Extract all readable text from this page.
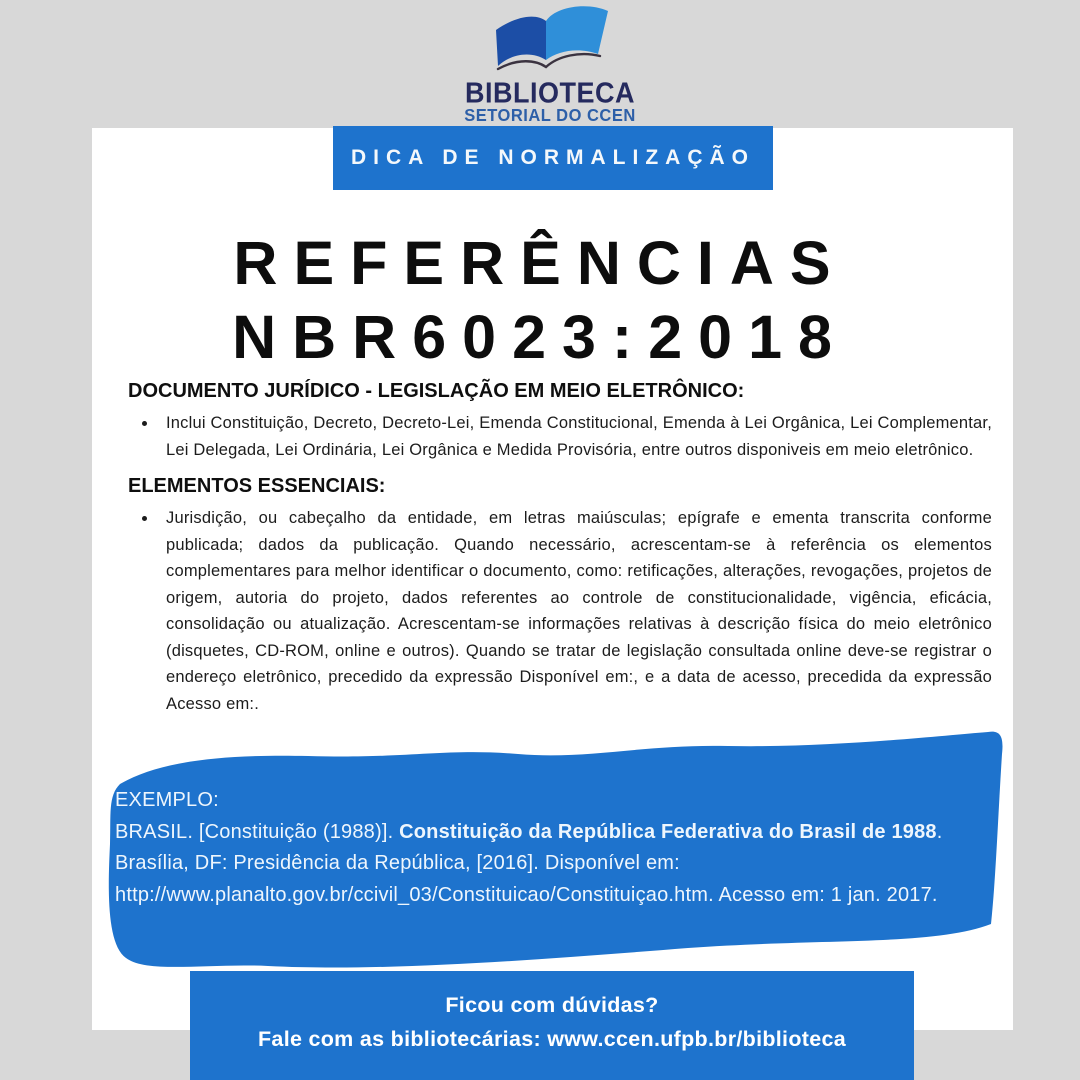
BIBLIOTECA
SETORIAL DO CCEN
DICA DE NORMALIZAÇÃO
REFERÊNCIAS
NBR6023:2018
DOCUMENTO JURÍDICO - LEGISLAÇÃO EM MEIO ELETRÔNICO:
• Inclui Constituição, Decreto, Decreto-Lei, Emenda Constitucional, Emenda à Lei Orgânica, Lei Complementar, Lei Delegada, Lei Ordinária, Lei Orgânica e Medida Provisória, entre outros disponiveis em meio eletrônico.
ELEMENTOS ESSENCIAIS:
• Jurisdição, ou cabeçalho da entidade, em letras maiúsculas; epígrafe e ementa transcrita conforme publicada; dados da publicação. Quando necessário, acrescentam-se à referência os elementos complementares para melhor identificar o documento, como: retificações, alterações, revogações, projetos de origem, autoria do projeto, dados referentes ao controle de constitucionalidade, vigência, eficácia, consolidação ou atualização. Acrescentam-se informações relativas à descrição física do meio eletrônico (disquetes, CD-ROM, online e outros). Quando se tratar de legislação consultada online deve-se registrar o endereço eletrônico, precedido da expressão Disponível em:, e a data de acesso, precedida da expressão Acesso em:.
EXEMPLO:
BRASIL. [Constituição (1988)]. Constituição da República Federativa do Brasil de 1988.
Brasília, DF: Presidência da República, [2016]. Disponível em:
http://www.planalto.gov.br/ccivil_03/Constituicao/Constituiçao.htm. Acesso em: 1 jan. 2017.
Ficou com dúvidas?
Fale com as bibliotecárias: www.ccen.ufpb.br/biblioteca
